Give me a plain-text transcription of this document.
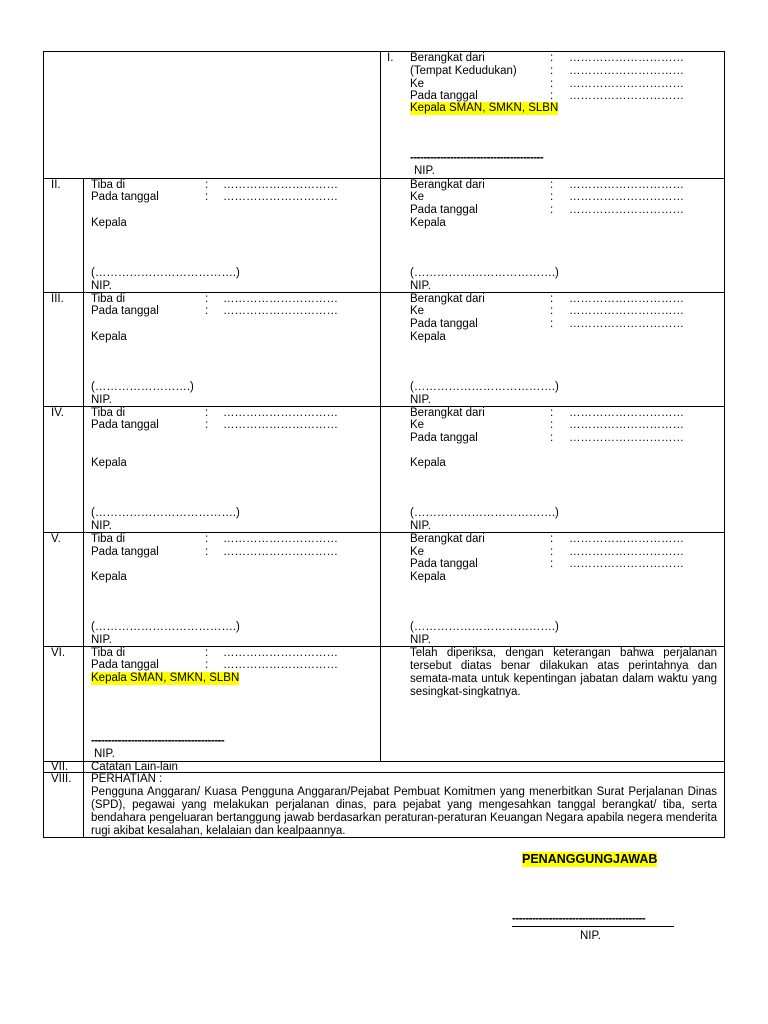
I. Berangkat dari	: …………………………
(Tempat Kedudukan)	: …………………………
Ke	: …………………………
Pada tanggal	: …………………………
Kepala SMAN, SMKN, SLBN
----------------------------------------
NIP.
II.	Tiba di	: …………………………
Pada tanggal	: …………………………
Kepala
(……………………………….)
NIP.
Berangkat dari	: …………………………
Ke	: …………………………
Pada tanggal	: …………………………
Kepala
(……………………………….)
NIP.
III. Tiba di	: …………………………
Pada tanggal	: …………………………
Kepala
(…………………….)
NIP.
Berangkat dari	: …………………………
Ke	: …………………………
Pada tanggal	: …………………………
Kepala
(……………………………….)
NIP.
IV. Tiba di	: …………………………
Pada tanggal	: …………………………
Kepala
(……………………………….)
NIP.
Berangkat dari	: …………………………
Ke	: …………………………
Pada tanggal	: …………………………
Kepala
(……………………………….)
NIP.
V.	Tiba di	: …………………………
Pada tanggal	: …………………………
Kepala
(……………………………….)
NIP.
Berangkat dari	: …………………………
Ke	: …………………………
Pada tanggal	: …………………………
Kepala
(……………………………….)
NIP.
VI. Tiba di	: …………………………
Pada tanggal	: …………………………
Kepala SMAN, SMKN, SLBN
----------------------------------------
NIP.
Telah diperiksa, dengan keterangan bahwa perjalanan tersebut diatas benar dilakukan atas perintahnya dan semata-mata untuk kepentingan jabatan dalam waktu yang sesingkat-singkatnya.
VII. Catatan Lain-lain
VIII. PERHATIAN :
Pengguna Anggaran/ Kuasa Pengguna Anggaran/Pejabat Pembuat Komitmen yang menerbitkan Surat Perjalanan Dinas (SPD), pegawai yang melakukan perjalanan dinas, para pejabat yang mengesahkan tanggal berangkat/ tiba, serta bendahara pengeluaran bertanggung jawab berdasarkan peraturan-peraturan Keuangan Negara apabila negera menderita rugi akibat kesalahan, kelalaian dan kealpaannya.
PENANGGUNGJAWAB
----------------------------------------
NIP.
